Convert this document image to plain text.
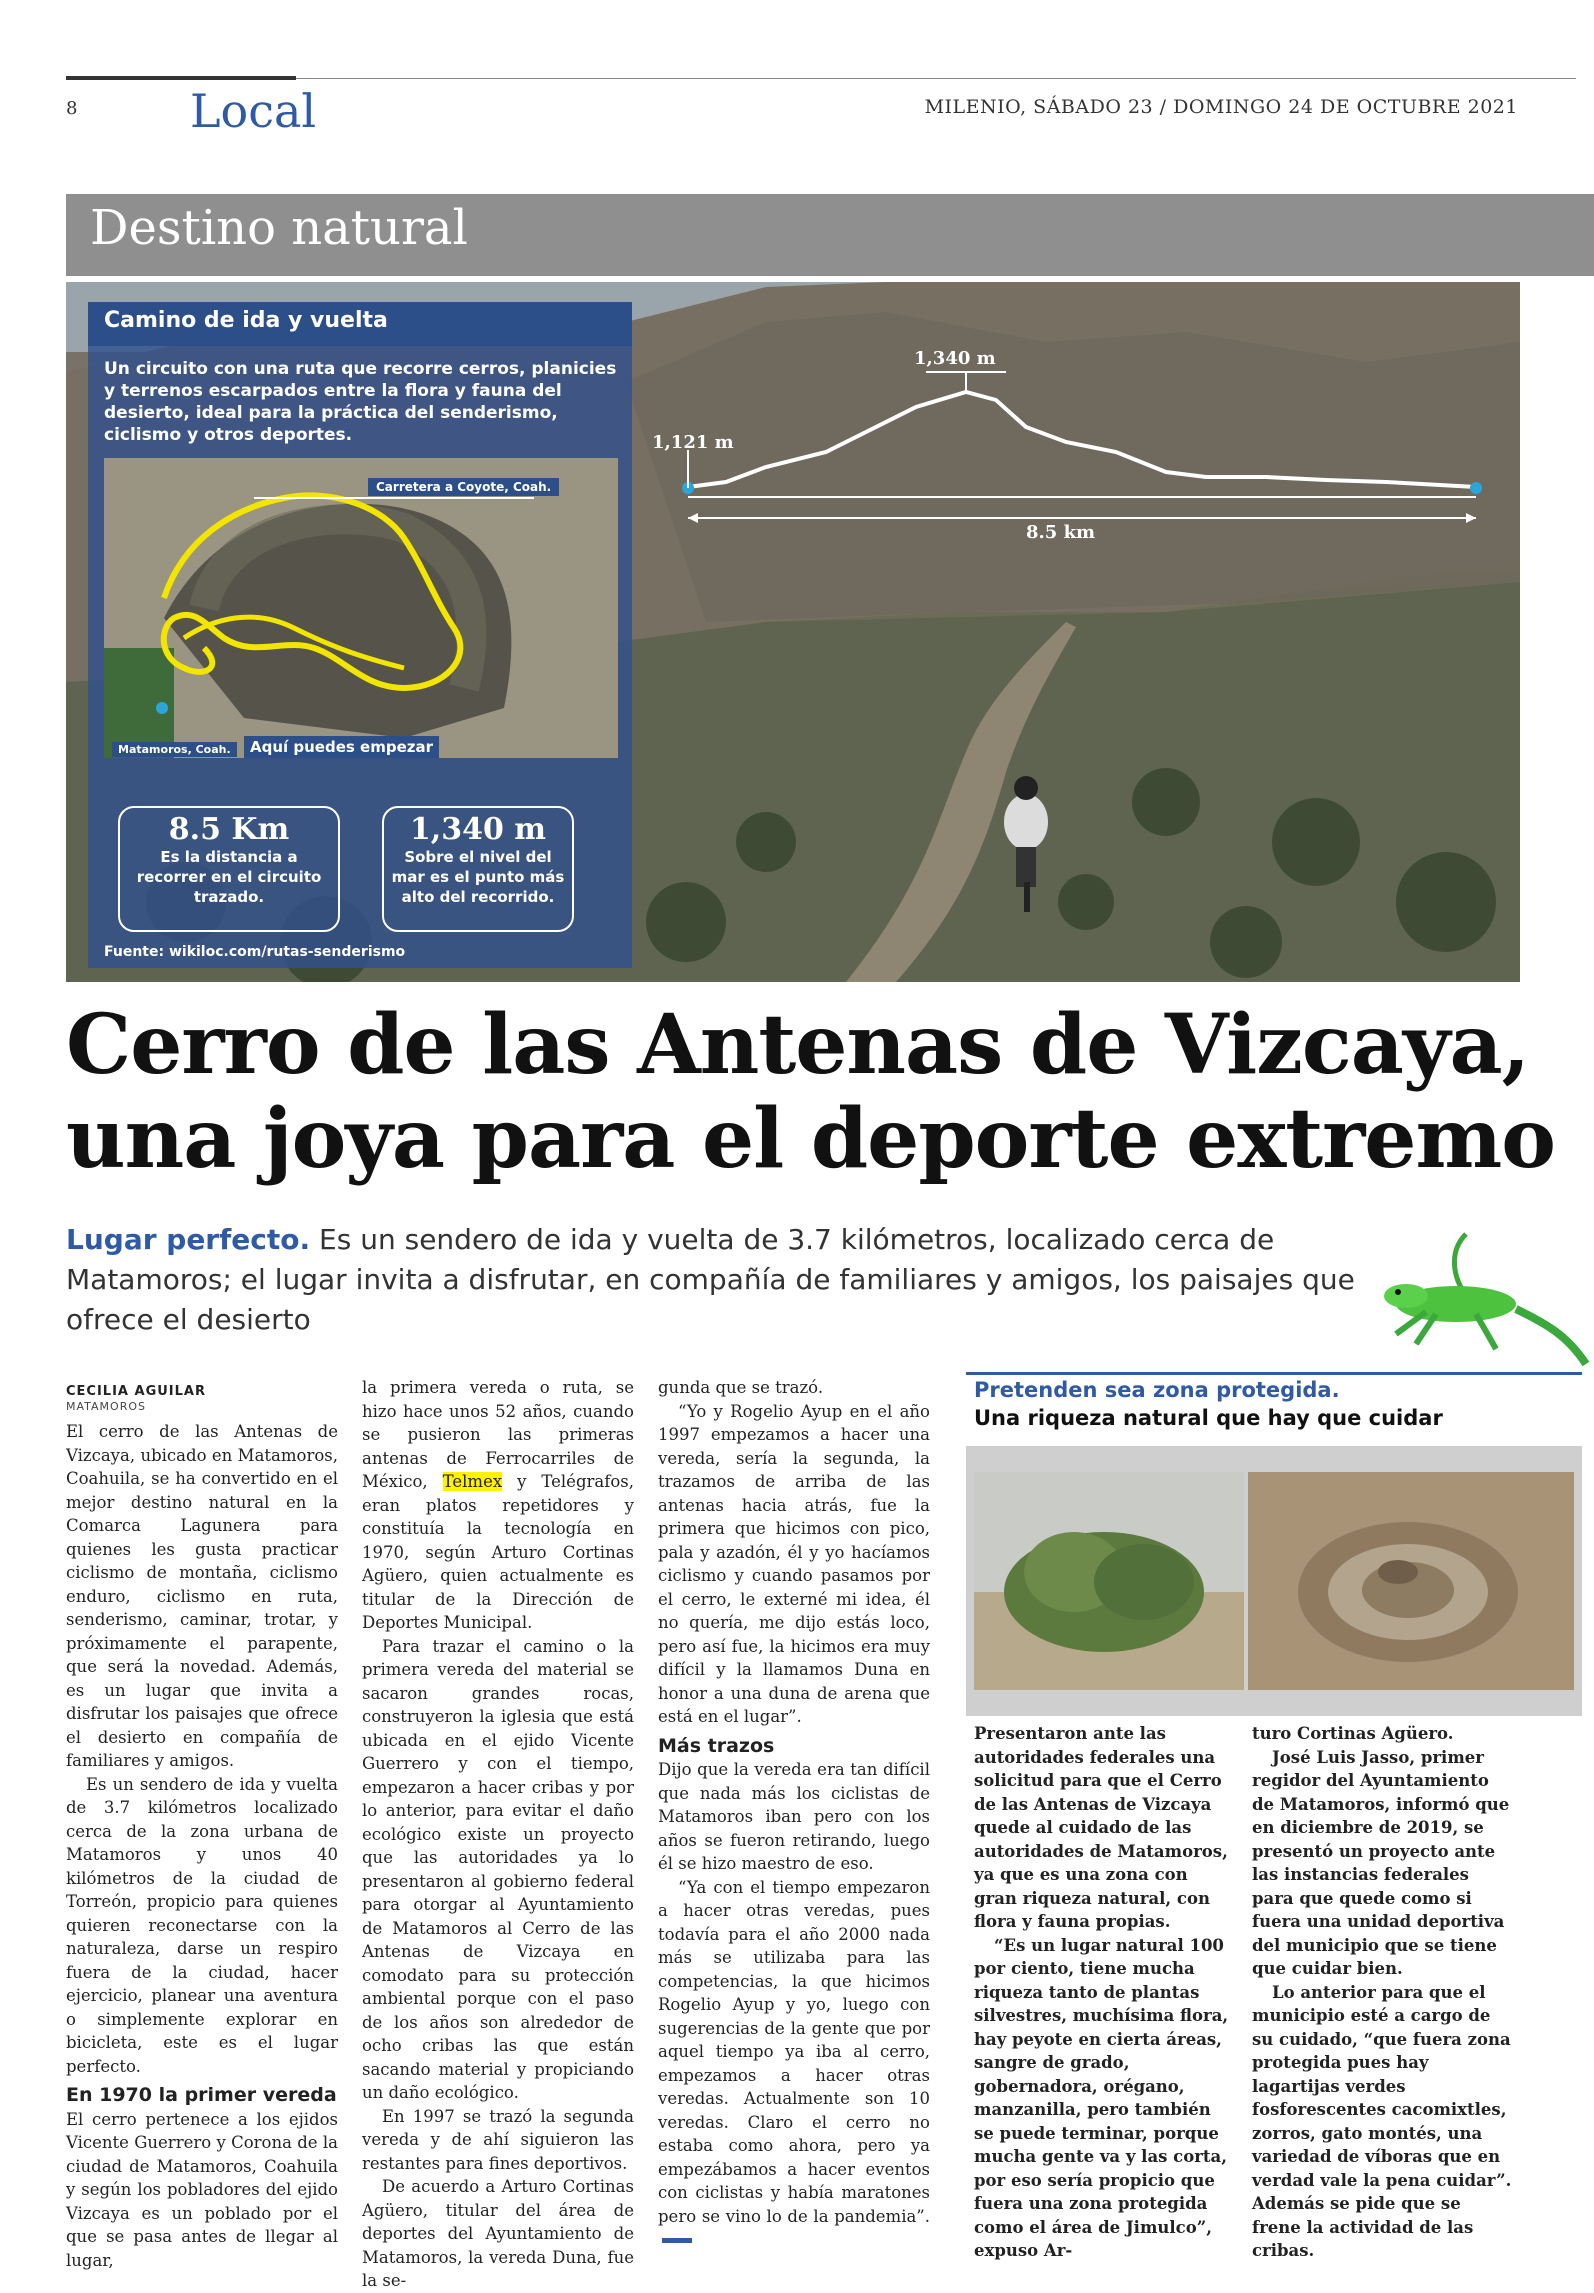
8 Local	MILENIO, SÁBADO 23 / DOMINGO 24 DE OCTUBRE 2021
Destino natural
1,121 m
1,340 m
8.5 km
Camino de ida y vuelta
Un circuito con una ruta que recorre cerros, planicies y terrenos escarpados entre la flora y fauna del desierto, ideal para la práctica del senderismo, ciclismo y otros deportes.
Carretera a Coyote, Coah.
Matamoros, Coah.	Aquí puedes empezar
8.5 Km
Es la distancia a recorrer en el circuito trazado.
1,340 m
Sobre el nivel del mar es el punto más alto del recorrido.
Fuente: wikiloc.com/rutas-senderismo
Cerro de las Antenas de Vizcaya,
una joya para el deporte extremo
Lugar perfecto. Es un sendero de ida y vuelta de 3.7 kilómetros, localizado cerca de Matamoros; el lugar invita a disfrutar, en compañía de familiares y amigos, los paisajes que ofrece el desierto
CECILIA AGUILAR
MATAMOROS

El cerro de las Antenas de Vizcaya, ubicado en Matamoros, Coahuila, se ha convertido en el mejor destino natural en la Comarca Lagunera para quienes les gusta practicar ciclismo de montaña, ciclismo enduro, ciclismo en ruta, senderismo, caminar, trotar, y próximamente el parapente, que será la novedad. Además, es un lugar que invita a disfrutar los paisajes que ofrece el desierto en compañía de familiares y amigos.

Es un sendero de ida y vuelta de 3.7 kilómetros localizado cerca de la zona urbana de Matamoros y unos 40 kilómetros de la ciudad de Torreón, propicio para quienes quieren reconectarse con la naturaleza, darse un respiro fuera de la ciudad, hacer ejercicio, planear una aventura o simplemente explorar en bicicleta, este es el lugar perfecto.

En 1970 la primer vereda

El cerro pertenece a los ejidos Vicente Guerrero y Corona de la ciudad de Matamoros, Coahuila y según los pobladores del ejido Vizcaya es un poblado por el que se pasa antes de llegar al lugar,

la primera vereda o ruta, se hizo hace unos 52 años, cuando se pusieron las primeras antenas de Ferrocarriles de México, Telmex y Telégrafos, eran platos repetidores y constituía la tecnología en 1970, según Arturo Cortinas Agüero, quien actualmente es titular de la Dirección de Deportes Municipal.

Para trazar el camino o la primera vereda del material se sacaron grandes rocas, construyeron la iglesia que está ubicada en el ejido Vicente Guerrero y con el tiempo, empezaron a hacer cribas y por lo anterior, para evitar el daño ecológico existe un proyecto que las autoridades ya lo presentaron al gobierno federal para otorgar al Ayuntamiento de Matamoros al Cerro de las Antenas de Vizcaya en comodato para su protección ambiental porque con el paso de los años son alrededor de ocho cribas las que están sacando material y propiciando un daño ecológico.

En 1997 se trazó la segunda vereda y de ahí siguieron las restantes para fines deportivos.

De acuerdo a Arturo Cortinas Agüero, titular del área de deportes del Ayuntamiento de Matamoros, la vereda Duna, fue la se-

gunda que se trazó.

“Yo y Rogelio Ayup en el año 1997 empezamos a hacer una vereda, sería la segunda, la trazamos de arriba de las antenas hacia atrás, fue la primera que hicimos con pico, pala y azadón, él y yo hacíamos ciclismo y cuando pasamos por el cerro, le externé mi idea, él no quería, me dijo estás loco, pero así fue, la hicimos era muy difícil y la llamamos Duna en honor a una duna de arena que está en el lugar”.

Más trazos

Dijo que la vereda era tan difícil que nada más los ciclistas de Matamoros iban pero con los años se fueron retirando, luego él se hizo maestro de eso.

“Ya con el tiempo empezaron a hacer otras veredas, pues todavía para el año 2000 nada más se utilizaba para las competencias, la que hicimos Rogelio Ayup y yo, luego con sugerencias de la gente que por aquel tiempo ya iba al cerro, empezamos a hacer otras veredas. Actualmente son 10 veredas. Claro el cerro no estaba como ahora, pero ya empezábamos a hacer eventos con ciclistas y había maratones pero se vino lo de la pandemia”.

Pretenden sea zona protegida.
Una riqueza natural que hay que cuidar

Presentaron ante las autoridades federales una solicitud para que el Cerro de las Antenas de Vizcaya quede al cuidado de las autoridades de Matamoros, ya que es una zona con gran riqueza natural, con flora y fauna propias.

“Es un lugar natural 100 por ciento, tiene mucha riqueza tanto de plantas silvestres, muchísima flora, hay peyote en cierta áreas, sangre de grado, gobernadora, orégano, manzanilla, pero también se puede terminar, porque mucha gente va y las corta, por eso sería propicio que fuera una zona protegida como el área de Jimulco”, expuso Ar-

turo Cortinas Agüero.

José Luis Jasso, primer regidor del Ayuntamiento de Matamoros, informó que en diciembre de 2019, se presentó un proyecto ante las instancias federales para que quede como si fuera una unidad deportiva del municipio que se tiene que cuidar bien.

Lo anterior para que el municipio esté a cargo de su cuidado, “que fuera zona protegida pues hay lagartijas verdes fosforescentes cacomixtles, zorros, gato montés, una variedad de víboras que en verdad vale la pena cuidar”. Además se pide que se frene la actividad de las cribas.
